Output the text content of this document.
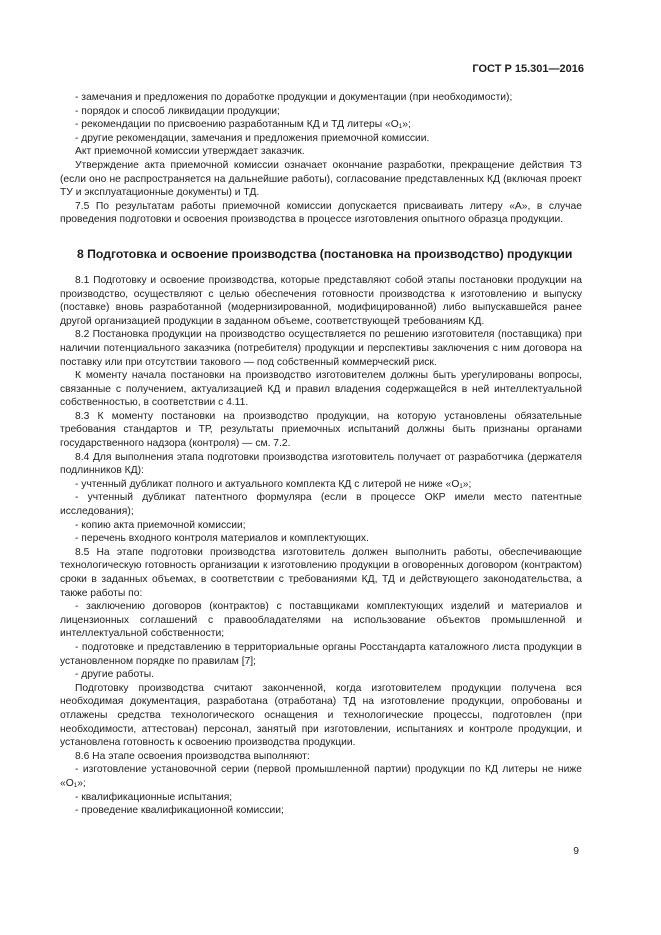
ГОСТ Р 15.301—2016

- замечания и предложения по доработке продукции и документации (при необходимости);

- порядок и способ ликвидации продукции;

- рекомендации по присвоению разработанным КД и ТД литеры «О₁»;

- другие рекомендации, замечания и предложения приемочной комиссии.

Акт приемочной комиссии утверждает заказчик.

Утверждение акта приемочной комиссии означает окончание разработки, прекращение действия ТЗ (если оно не распространяется на дальнейшие работы), согласование представленных КД (включая проект ТУ и эксплуатационные документы) и ТД.

7.5 По результатам работы приемочной комиссии допускается присваивать литеру «А», в случае проведения подготовки и освоения производства в процессе изготовления опытного образца продукции.

8 Подготовка и освоение производства (постановка на производство) продукции

8.1 Подготовку и освоение производства, которые представляют собой этапы постановки продукции на производство, осуществляют с целью обеспечения готовности производства к изготовлению и выпуску (поставке) вновь разработанной (модернизированной, модифицированной) либо выпускавшейся ранее другой организацией продукции в заданном объеме, соответствующей требованиям КД.

8.2 Постановка продукции на производство осуществляется по решению изготовителя (поставщика) при наличии потенциального заказчика (потребителя) продукции и перспективы заключения с ним договора на поставку или при отсутствии такового — под собственный коммерческий риск.

К моменту начала постановки на производство изготовителем должны быть урегулированы вопросы, связанные с получением, актуализацией КД и правил владения содержащейся в ней интеллектуальной собственностью, в соответствии с 4.11.

8.3 К моменту постановки на производство продукции, на которую установлены обязательные требования стандартов и ТР, результаты приемочных испытаний должны быть признаны органами государственного надзора (контроля) — см. 7.2.

8.4 Для выполнения этапа подготовки производства изготовитель получает от разработчика (держателя подлинников КД):

- учтенный дубликат полного и актуального комплекта КД с литерой не ниже «О₁»;

- учтенный дубликат патентного формуляра (если в процессе ОКР имели место патентные исследования);

- копию акта приемочной комиссии;

- перечень входного контроля материалов и комплектующих.

8.5 На этапе подготовки производства изготовитель должен выполнить работы, обеспечивающие технологическую готовность организации к изготовлению продукции в оговоренных договором (контрактом) сроки в заданных объемах, в соответствии с требованиями КД, ТД и действующего законодательства, а также работы по:

- заключению договоров (контрактов) с поставщиками комплектующих изделий и материалов и лицензионных соглашений с правообладателями на использование объектов промышленной и интеллектуальной собственности;

- подготовке и представлению в территориальные органы Росстандарта каталожного листа продукции в установленном порядке по правилам [7];

- другие работы.

Подготовку производства считают законченной, когда изготовителем продукции получена вся необходимая документация, разработана (отработана) ТД на изготовление продукции, опробованы и отлажены средства технологического оснащения и технологические процессы, подготовлен (при необходимости, аттестован) персонал, занятый при изготовлении, испытаниях и контроле продукции, и установлена готовность к освоению производства продукции.

8.6 На этапе освоения производства выполняют:

- изготовление установочной серии (первой промышленной партии) продукции по КД литеры не ниже «О₁»;

- квалификационные испытания;

- проведение квалификационной комиссии;

9
